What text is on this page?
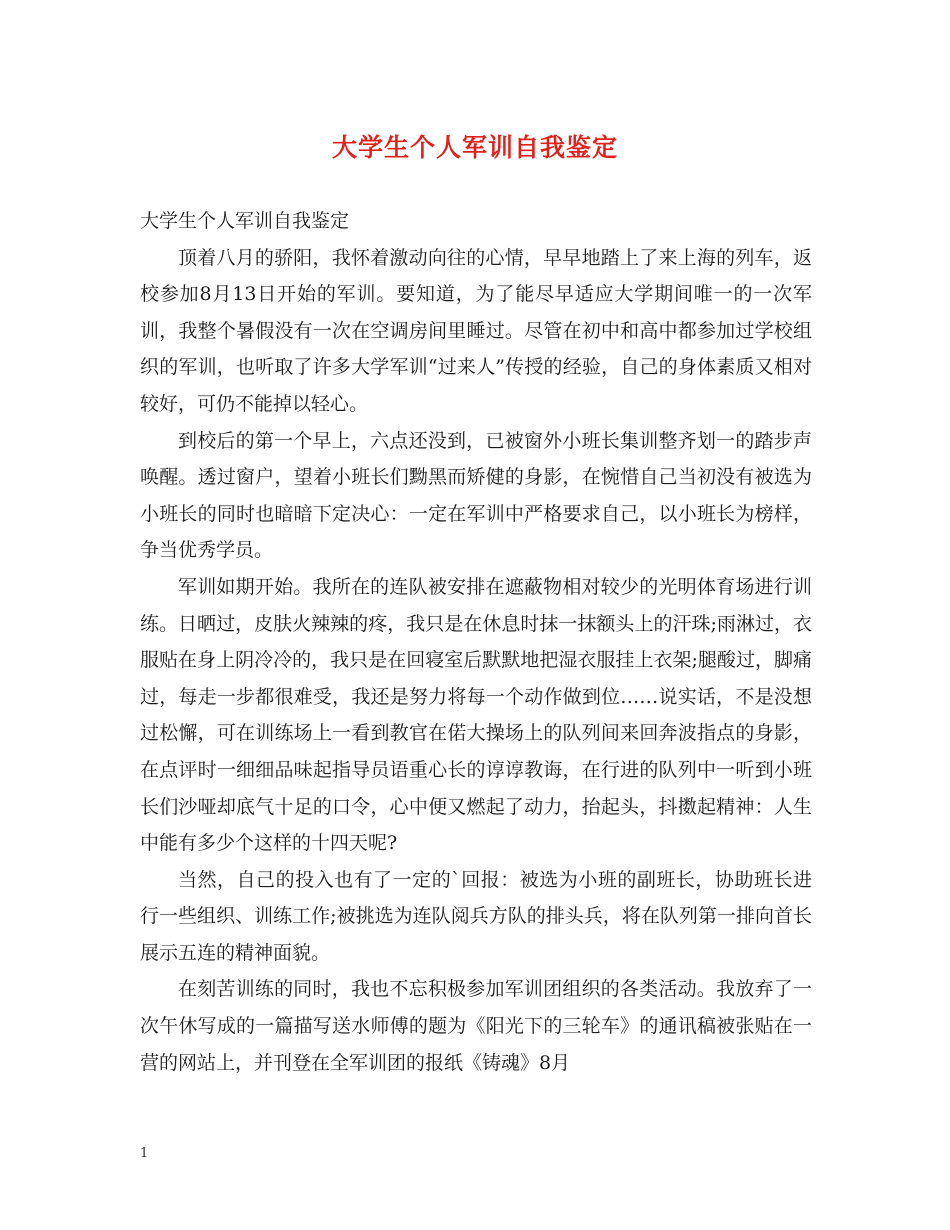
大学生个人军训自我鉴定

大学生个人军训自我鉴定

顶着八月的骄阳，我怀着激动向往的心情，早早地踏上了来上海的列车，返校参加8月13日开始的军训。要知道，为了能尽早适应大学期间唯一的一次军训，我整个暑假没有一次在空调房间里睡过。尽管在初中和高中都参加过学校组织的军训，也听取了许多大学军训“过来人”传授的经验，自己的身体素质又相对较好，可仍不能掉以轻心。

到校后的第一个早上，六点还没到，已被窗外小班长集训整齐划一的踏步声唤醒。透过窗户，望着小班长们黝黑而矫健的身影，在惋惜自己当初没有被选为小班长的同时也暗暗下定决心：一定在军训中严格要求自己，以小班长为榜样，争当优秀学员。

军训如期开始。我所在的连队被安排在遮蔽物相对较少的光明体育场进行训练。日晒过，皮肤火辣辣的疼，我只是在休息时抹一抹额头上的汗珠;雨淋过，衣服贴在身上阴冷冷的，我只是在回寝室后默默地把湿衣服挂上衣架;腿酸过，脚痛过，每走一步都很难受，我还是努力将每一个动作做到位……说实话，不是没想过松懈，可在训练场上一看到教官在偌大操场上的队列间来回奔波指点的身影，在点评时一细细品味起指导员语重心长的谆谆教诲，在行进的队列中一听到小班长们沙哑却底气十足的口令，心中便又燃起了动力，抬起头，抖擞起精神：人生中能有多少个这样的十四天呢?

当然，自己的投入也有了一定的`回报：被选为小班的副班长，协助班长进行一些组织、训练工作;被挑选为连队阅兵方队的排头兵，将在队列第一排向首长展示五连的精神面貌。

在刻苦训练的同时，我也不忘积极参加军训团组织的各类活动。我放弃了一次午休写成的一篇描写送水师傅的题为《阳光下的三轮车》的通讯稿被张贴在一营的网站上，并刊登在全军训团的报纸《铸魂》8月

1
